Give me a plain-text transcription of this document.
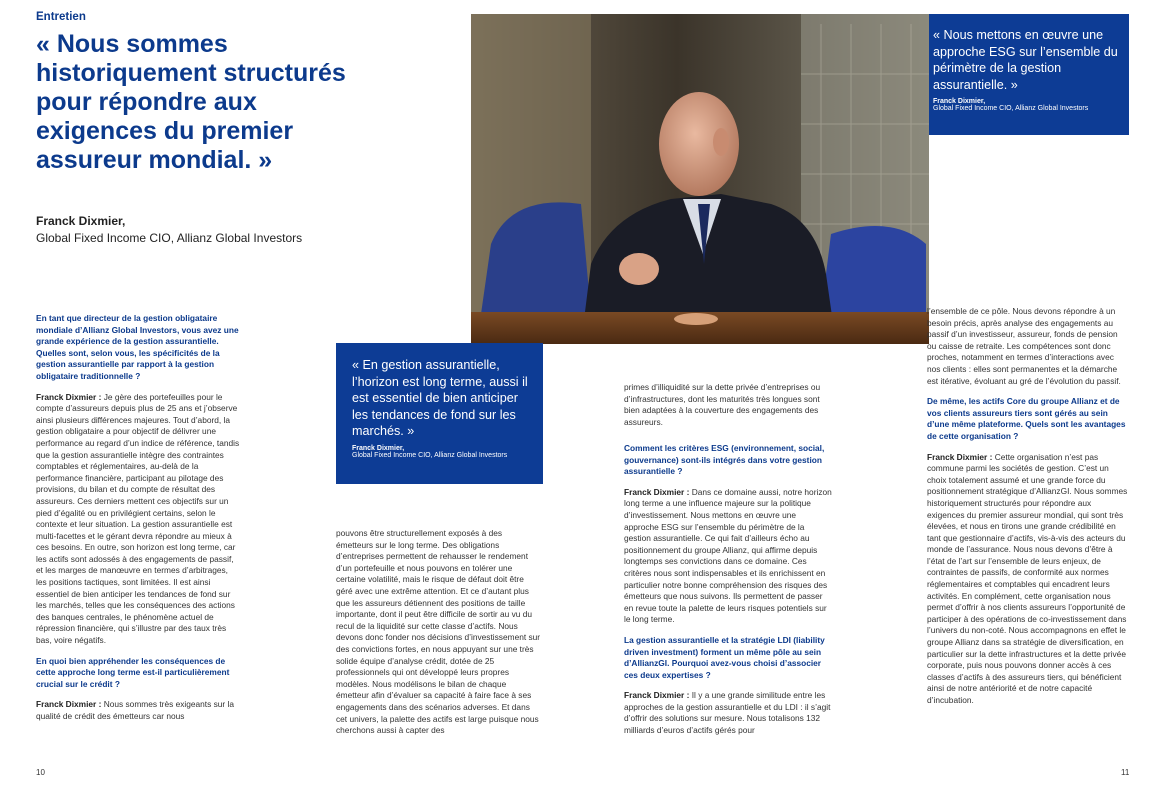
Entretien
« Nous sommes historiquement structurés pour répondre aux exigences du premier assureur mondial. »
Franck Dixmier,
Global Fixed Income CIO, Allianz Global Investors
« Nous mettons en œuvre une approche ESG sur l’ensemble du périmètre de la gestion assurantielle. »
Franck Dixmier,
Global Fixed Income CIO, Allianz Global Investors
« En gestion assurantielle, l’horizon est long terme, aussi il est essentiel de bien anticiper les tendances de fond sur les marchés. »
Franck Dixmier,
Global Fixed Income CIO, Allianz Global Investors

En tant que directeur de la gestion obligataire mondiale d’Allianz Global Investors, vous avez une grande expérience de la gestion assurantielle. Quelles sont, selon vous, les spécificités de la gestion assurantielle par rapport à la gestion obligataire traditionnelle ?

Franck Dixmier : Je gère des portefeuilles pour le compte d’assureurs depuis plus de 25 ans et j’observe ainsi plusieurs différences majeures. Tout d’abord, la gestion obligataire a pour objectif de délivrer une performance au regard d’un indice de référence, tandis que la gestion assurantielle intègre des contraintes comptables et réglementaires, au-delà de la performance financière, participant au pilotage des provisions, du bilan et du compte de résultat des assureurs. Ces derniers mettent ces objectifs sur un pied d’égalité ou en privilégient certains, selon le contexte et leur situation. La gestion assurantielle est multi-facettes et le gérant devra répondre au mieux à ces besoins. En outre, son horizon est long terme, car les actifs sont adossés à des engagements de passif, et les marges de manœuvre en termes d’arbitrages, les positions tactiques, sont limitées. Il est ainsi essentiel de bien anticiper les tendances de fond sur les marchés, telles que les conséquences des actions des banques centrales, le phénomène actuel de répression financière, qui s’illustre par des taux très bas, voire négatifs.

En quoi bien appréhender les conséquences de cette approche long terme est-il particulièrement crucial sur le crédit ?

Franck Dixmier : Nous sommes très exigeants sur la qualité de crédit des émetteurs car nous

pouvons être structurellement exposés à des émetteurs sur le long terme. Des obligations d’entreprises permettent de rehausser le rendement d’un portefeuille et nous pouvons en tolérer une certaine volatilité, mais le risque de défaut doit être géré avec une extrême attention. Et ce d’autant plus que les assureurs détiennent des positions de taille importante, dont il peut être difficile de sortir au vu du recul de la liquidité sur cette classe d’actifs. Nous devons donc fonder nos décisions d’investissement sur des convictions fortes, en nous appuyant sur une très solide équipe d’analyse crédit, dotée de 25 professionnels qui ont développé leurs propres modèles. Nous modélisons le bilan de chaque émetteur afin d’évaluer sa capacité à faire face à ses engagements dans des scénarios adverses. Et dans cet univers, la palette des actifs est large puisque nous cherchons aussi à capter des

primes d’illiquidité sur la dette privée d’entreprises ou d’infrastructures, dont les maturités très longues sont bien adaptées à la couverture des engagements des assureurs.

Comment les critères ESG (environnement, social, gouvernance) sont-ils intégrés dans votre gestion assurantielle ?

Franck Dixmier : Dans ce domaine aussi, notre horizon long terme a une influence majeure sur la politique d’investissement. Nous mettons en œuvre une approche ESG sur l’ensemble du périmètre de la gestion assurantielle. Ce qui fait d’ailleurs écho au positionnement du groupe Allianz, qui affirme depuis longtemps ses convictions dans ce domaine. Ces critères nous sont indispensables et ils enrichissent en particulier notre bonne compréhension des risques des émetteurs que nous suivons. Ils permettent de passer en revue toute la palette de leurs risques potentiels sur le long terme.

La gestion assurantielle et la stratégie LDI (liability driven investment) forment un même pôle au sein d’AllianzGI. Pourquoi avez-vous choisi d’associer ces deux expertises ?

Franck Dixmier : Il y a une grande similitude entre les approches de la gestion assurantielle et du LDI : il s’agit d’offrir des solutions sur mesure. Nous totalisons 132 milliards d’euros d’actifs gérés pour

l’ensemble de ce pôle. Nous devons répondre à un besoin précis, après analyse des engagements au passif d’un investisseur, assureur, fonds de pension ou caisse de retraite. Les compétences sont donc proches, notamment en termes d’interactions avec nos clients : elles sont permanentes et la démarche est itérative, évoluant au gré de l’évolution du passif.

De même, les actifs Core du groupe Allianz et de vos clients assureurs tiers sont gérés au sein d’une même plateforme. Quels sont les avantages de cette organisation ?

Franck Dixmier : Cette organisation n’est pas commune parmi les sociétés de gestion. C’est un choix totalement assumé et une grande force du positionnement stratégique d’AllianzGI. Nous sommes historiquement structurés pour répondre aux exigences du premier assureur mondial, qui sont très élevées, et nous en tirons une grande crédibilité en tant que gestionnaire d’actifs, vis-à-vis des acteurs du monde de l’assurance. Nous nous devons d’être à l’état de l’art sur l’ensemble de leurs enjeux, de contraintes de passifs, de conformité aux normes réglementaires et comptables qui encadrent leurs activités. En complément, cette organisation nous permet d’offrir à nos clients assureurs l’opportunité de participer à des opérations de co-investissement dans l’univers du non-coté. Nous accompagnons en effet le groupe Allianz dans sa stratégie de diversification, en particulier sur la dette infrastructures et la dette privée corporate, puis nous pouvons donner accès à ces classes d’actifs à des assureurs tiers, qui bénéficient ainsi de notre antériorité et de notre capacité d’incubation.

10	11
